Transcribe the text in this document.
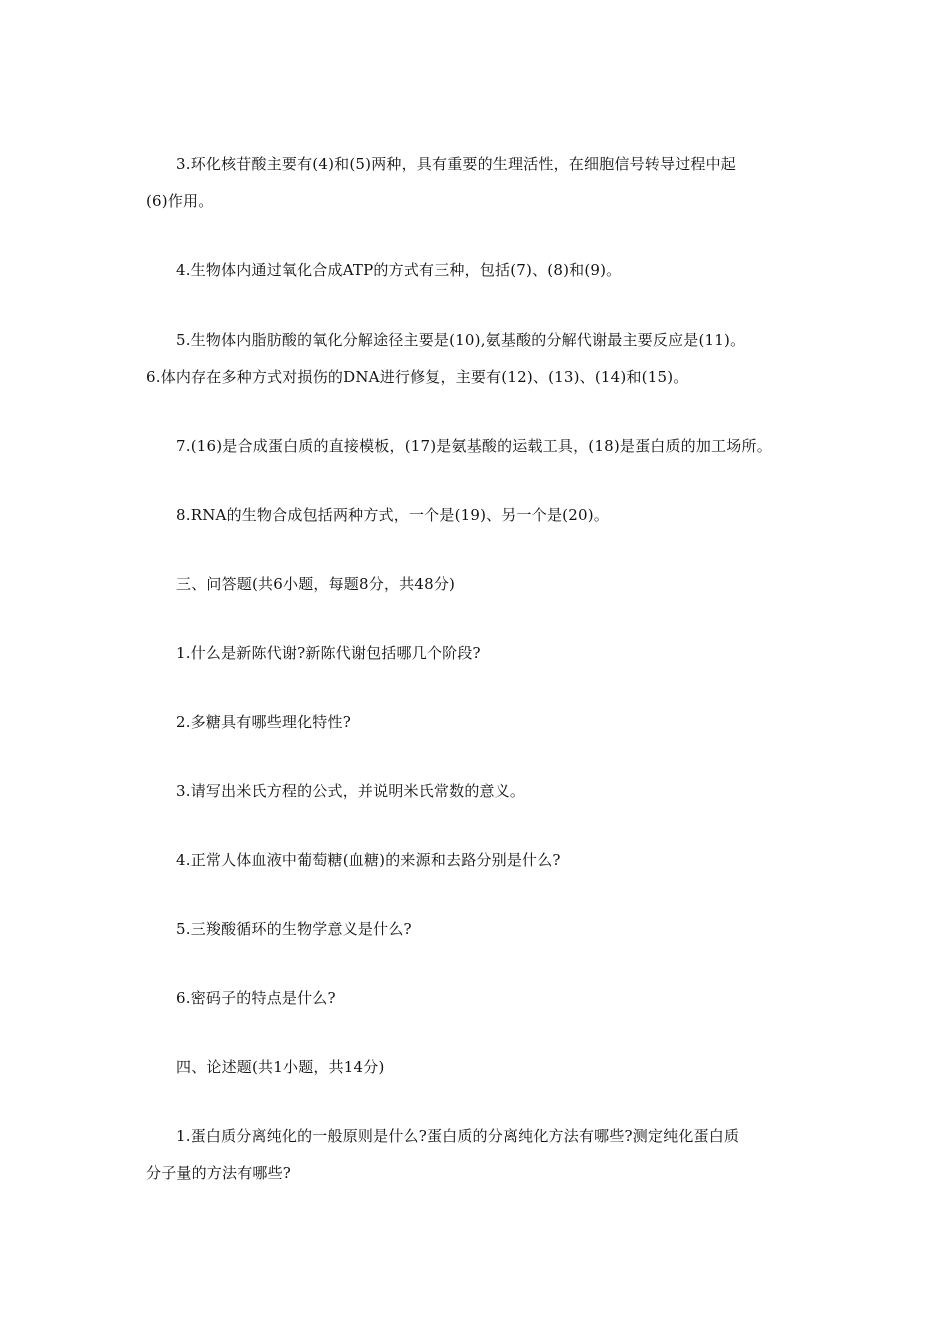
3.环化核苷酸主要有(4)和(5)两种，具有重要的生理活性，在细胞信号转导过程中起
(6)作用。
4.生物体内通过氧化合成ATP的方式有三种，包括(7)、(8)和(9)。
5.生物体内脂肪酸的氧化分解途径主要是(10),氨基酸的分解代谢最主要反应是(11)。
6.体内存在多种方式对损伤的DNA进行修复，主要有(12)、(13)、(14)和(15)。
7.(16)是合成蛋白质的直接模板，(17)是氨基酸的运载工具，(18)是蛋白质的加工场所。
8.RNA的生物合成包括两种方式，一个是(19)、另一个是(20)。
三、问答题(共6小题，每题8分，共48分)
1.什么是新陈代谢?新陈代谢包括哪几个阶段?
2.多糖具有哪些理化特性?
3.请写出米氏方程的公式，并说明米氏常数的意义。
4.正常人体血液中葡萄糖(血糖)的来源和去路分别是什么?
5.三羧酸循环的生物学意义是什么?
6.密码子的特点是什么?
四、论述题(共1小题，共14分)
1.蛋白质分离纯化的一般原则是什么?蛋白质的分离纯化方法有哪些?测定纯化蛋白质
分子量的方法有哪些?
